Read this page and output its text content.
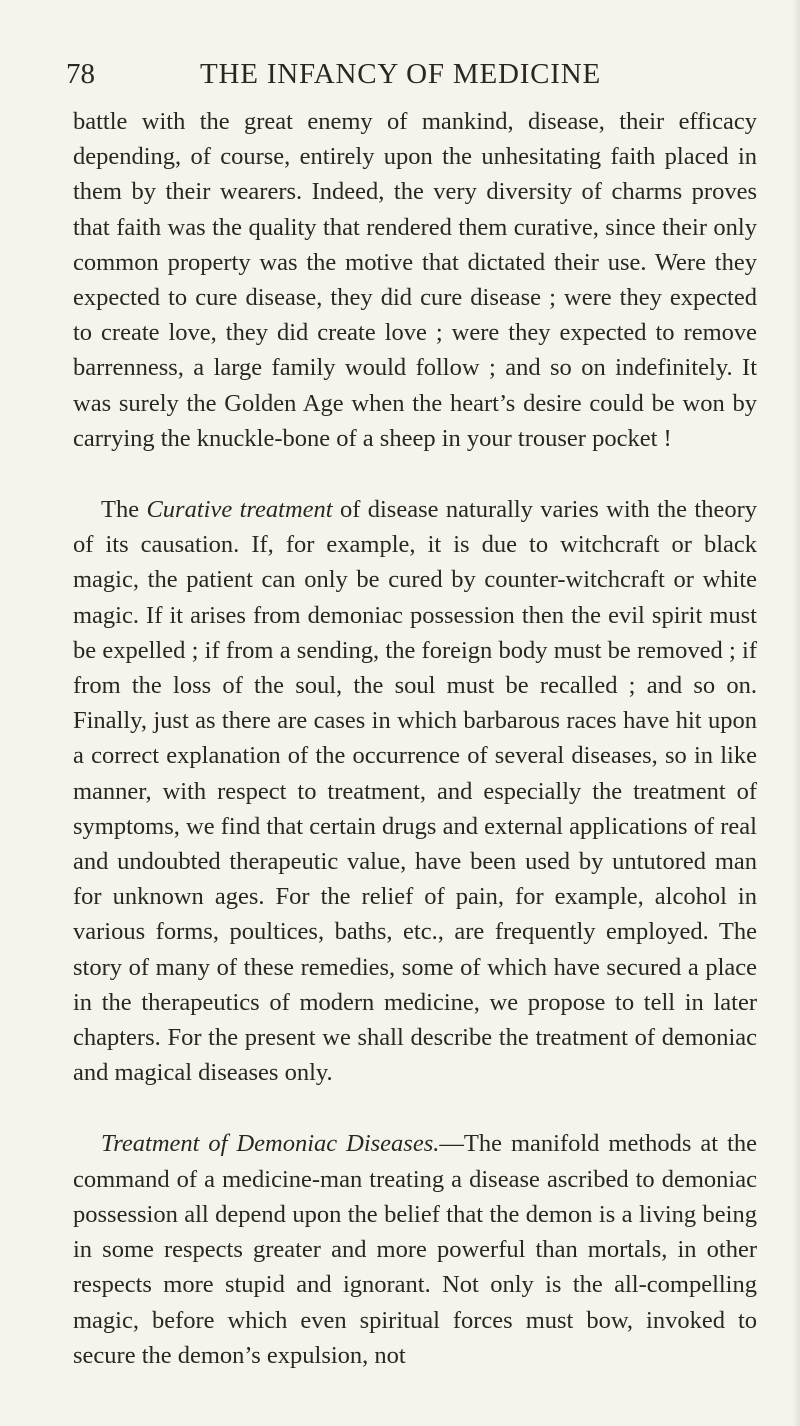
78	THE INFANCY OF MEDICINE

battle with the great enemy of mankind, disease, their efficacy depending, of course, entirely upon the unhesitating faith placed in them by their wearers. Indeed, the very diversity of charms proves that faith was the quality that rendered them curative, since their only common property was the motive that dictated their use. Were they expected to cure disease, they did cure disease ; were they expected to create love, they did create love ; were they expected to remove barrenness, a large family would follow ; and so on indefinitely. It was surely the Golden Age when the heart’s desire could be won by carrying the knuckle-bone of a sheep in your trouser pocket !

The Curative treatment of disease naturally varies with the theory of its causation. If, for example, it is due to witchcraft or black magic, the patient can only be cured by counter-witchcraft or white magic. If it arises from demoniac possession then the evil spirit must be expelled ; if from a sending, the foreign body must be removed ; if from the loss of the soul, the soul must be recalled ; and so on. Finally, just as there are cases in which barbarous races have hit upon a correct explanation of the occurrence of several diseases, so in like manner, with respect to treatment, and especially the treatment of symptoms, we find that certain drugs and external applications of real and undoubted therapeutic value, have been used by untutored man for unknown ages. For the relief of pain, for example, alcohol in various forms, poultices, baths, etc., are frequently employed. The story of many of these remedies, some of which have secured a place in the therapeutics of modern medicine, we propose to tell in later chapters. For the present we shall describe the treatment of demoniac and magical diseases only.

Treatment of Demoniac Diseases.—The manifold methods at the command of a medicine-man treating a disease ascribed to demoniac possession all depend upon the belief that the demon is a living being in some respects greater and more powerful than mortals, in other respects more stupid and ignorant. Not only is the all-compelling magic, before which even spiritual forces must bow, invoked to secure the demon’s expulsion, not
